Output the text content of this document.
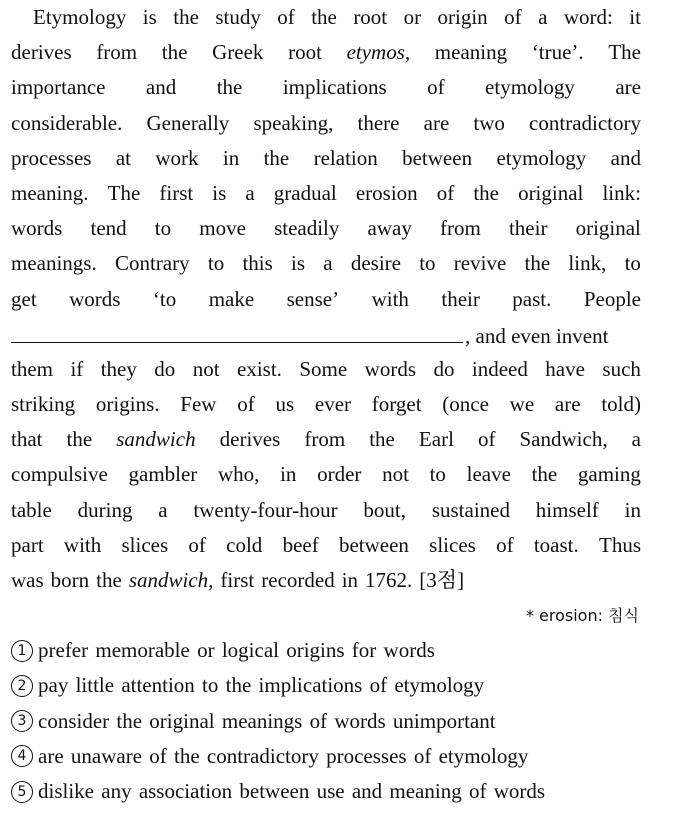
Etymology is the study of the root or origin of a word: it
derives from the Greek root etymos, meaning ‘true’. The
importance and the implications of etymology are
considerable. Generally speaking, there are two contradictory
processes at work in the relation between etymology and
meaning. The first is a gradual erosion of the original link:
words tend to move steadily away from their original
meanings. Contrary to this is a desire to revive the link, to
get words ‘to make sense’ with their past. People
, and even invent
them if they do not exist. Some words do indeed have such
striking origins. Few of us ever forget (once we are told)
that the sandwich derives from the Earl of Sandwich, a
compulsive gambler who, in order not to leave the gaming
table during a twenty-four-hour bout, sustained himself in
part with slices of cold beef between slices of toast. Thus
was born the sandwich, first recorded in 1762. [3점]
* erosion: 침식
1 prefer memorable or logical origins for words
2 pay little attention to the implications of etymology
3 consider the original meanings of words unimportant
4 are unaware of the contradictory processes of etymology
5 dislike any association between use and meaning of words
